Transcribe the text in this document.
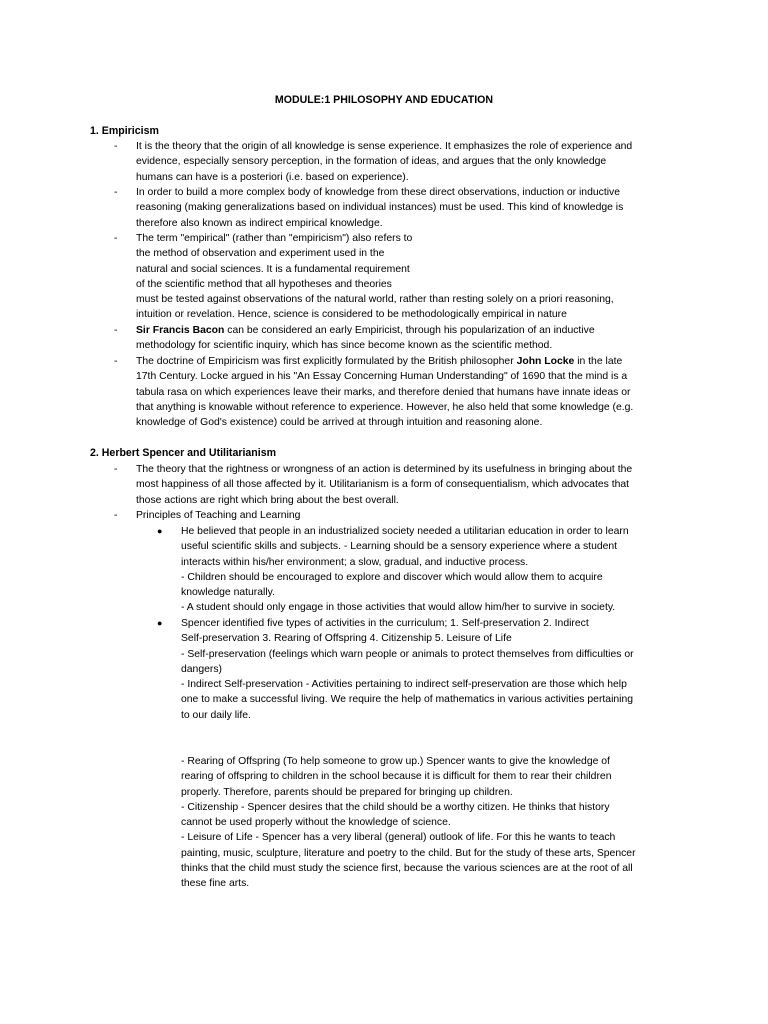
MODULE:1 PHILOSOPHY AND EDUCATION
1. Empiricism
-	It is the theory that the origin of all knowledge is sense experience. It emphasizes the role of experience and
evidence, especially sensory perception, in the formation of ideas, and argues that the only knowledge
humans can have is a posteriori (i.e. based on experience).
-	In order to build a more complex body of knowledge from these direct observations, induction or inductive
reasoning (making generalizations based on individual instances) must be used. This kind of knowledge is
therefore also known as indirect empirical knowledge.
-	The term "empirical" (rather than "empiricism") also refers to
the method of observation and experiment used in the
natural and social sciences. It is a fundamental requirement
of the scientific method that all hypotheses and theories
must be tested against observations of the natural world, rather than resting solely on a priori reasoning,
intuition or revelation. Hence, science is considered to be methodologically empirical in nature
-	Sir Francis Bacon can be considered an early Empiricist, through his popularization of an inductive
methodology for scientific inquiry, which has since become known as the scientific method.
-	The doctrine of Empiricism was first explicitly formulated by the British philosopher John Locke in the late
17th Century. Locke argued in his "An Essay Concerning Human Understanding" of 1690 that the mind is a
tabula rasa on which experiences leave their marks, and therefore denied that humans have innate ideas or
that anything is knowable without reference to experience. However, he also held that some knowledge (e.g.
knowledge of God's existence) could be arrived at through intuition and reasoning alone.
2. Herbert Spencer and Utilitarianism
-	The theory that the rightness or wrongness of an action is determined by its usefulness in bringing about the
most happiness of all those affected by it. Utilitarianism is a form of consequentialism, which advocates that
those actions are right which bring about the best overall.
-	Principles of Teaching and Learning
●	He believed that people in an industrialized society needed a utilitarian education in order to learn
useful scientific skills and subjects. - Learning should be a sensory experience where a student
interacts within his/her environment; a slow, gradual, and inductive process.
- Children should be encouraged to explore and discover which would allow them to acquire
knowledge naturally.
- A student should only engage in those activities that would allow him/her to survive in society.
●	Spencer identified five types of activities in the curriculum; 1. Self-preservation 2. Indirect
Self-preservation 3. Rearing of Offspring 4. Citizenship 5. Leisure of Life
- Self-preservation (feelings which warn people or animals to protect themselves from difficulties or
dangers)
- Indirect Self-preservation - Activities pertaining to indirect self-preservation are those which help
one to make a successful living. We require the help of mathematics in various activities pertaining
to our daily life.
- Rearing of Offspring (To help someone to grow up.) Spencer wants to give the knowledge of
rearing of offspring to children in the school because it is difficult for them to rear their children
properly. Therefore, parents should be prepared for bringing up children.
- Citizenship - Spencer desires that the child should be a worthy citizen. He thinks that history
cannot be used properly without the knowledge of science.
- Leisure of Life - Spencer has a very liberal (general) outlook of life. For this he wants to teach
painting, music, sculpture, literature and poetry to the child. But for the study of these arts, Spencer
thinks that the child must study the science first, because the various sciences are at the root of all
these fine arts.
